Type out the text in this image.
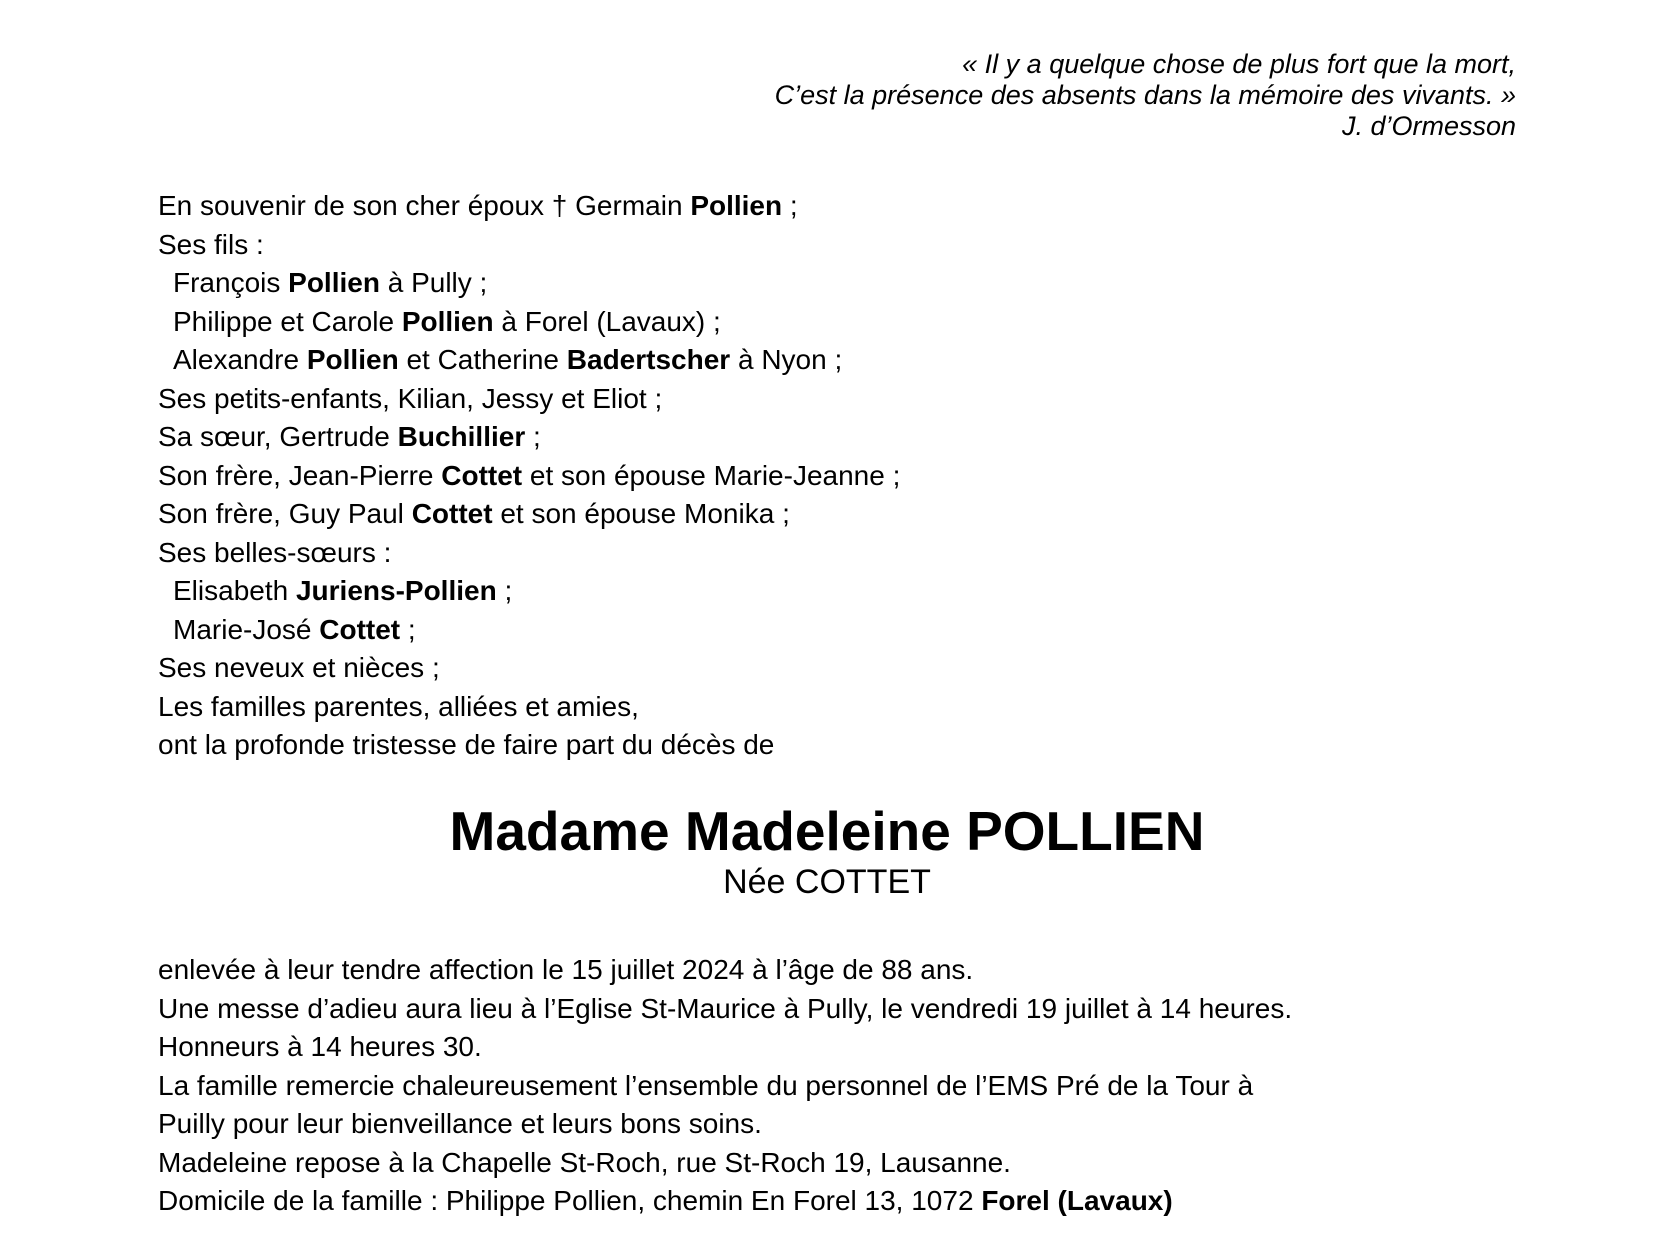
« Il y a quelque chose de plus fort que la mort,
C’est la présence des absents dans la mémoire des vivants. »
J. d’Ormesson

En souvenir de son cher époux † Germain Pollien ;

Ses fils :

François Pollien à Pully ;

Philippe et Carole Pollien à Forel (Lavaux) ;

Alexandre Pollien et Catherine Badertscher à Nyon ;

Ses petits-enfants, Kilian, Jessy et Eliot ;

Sa sœur, Gertrude Buchillier ;

Son frère, Jean-Pierre Cottet et son épouse Marie-Jeanne ;

Son frère, Guy Paul Cottet et son épouse Monika ;

Ses belles-sœurs :

Elisabeth Juriens-Pollien ;

Marie-José Cottet ;

Ses neveux et nièces ;

Les familles parentes, alliées et amies,

ont la profonde tristesse de faire part du décès de

Madame Madeleine POLLIEN
Née COTTET

enlevée à leur tendre affection le 15 juillet 2024 à l’âge de 88 ans.

Une messe d’adieu aura lieu à l’Eglise St-Maurice à Pully, le vendredi 19 juillet à 14 heures.

Honneurs à 14 heures 30.

La famille remercie chaleureusement l’ensemble du personnel de l’EMS Pré de la Tour à

Puilly pour leur bienveillance et leurs bons soins.

Madeleine repose à la Chapelle St-Roch, rue St-Roch 19, Lausanne.

Domicile de la famille : Philippe Pollien, chemin En Forel 13, 1072 Forel (Lavaux)
